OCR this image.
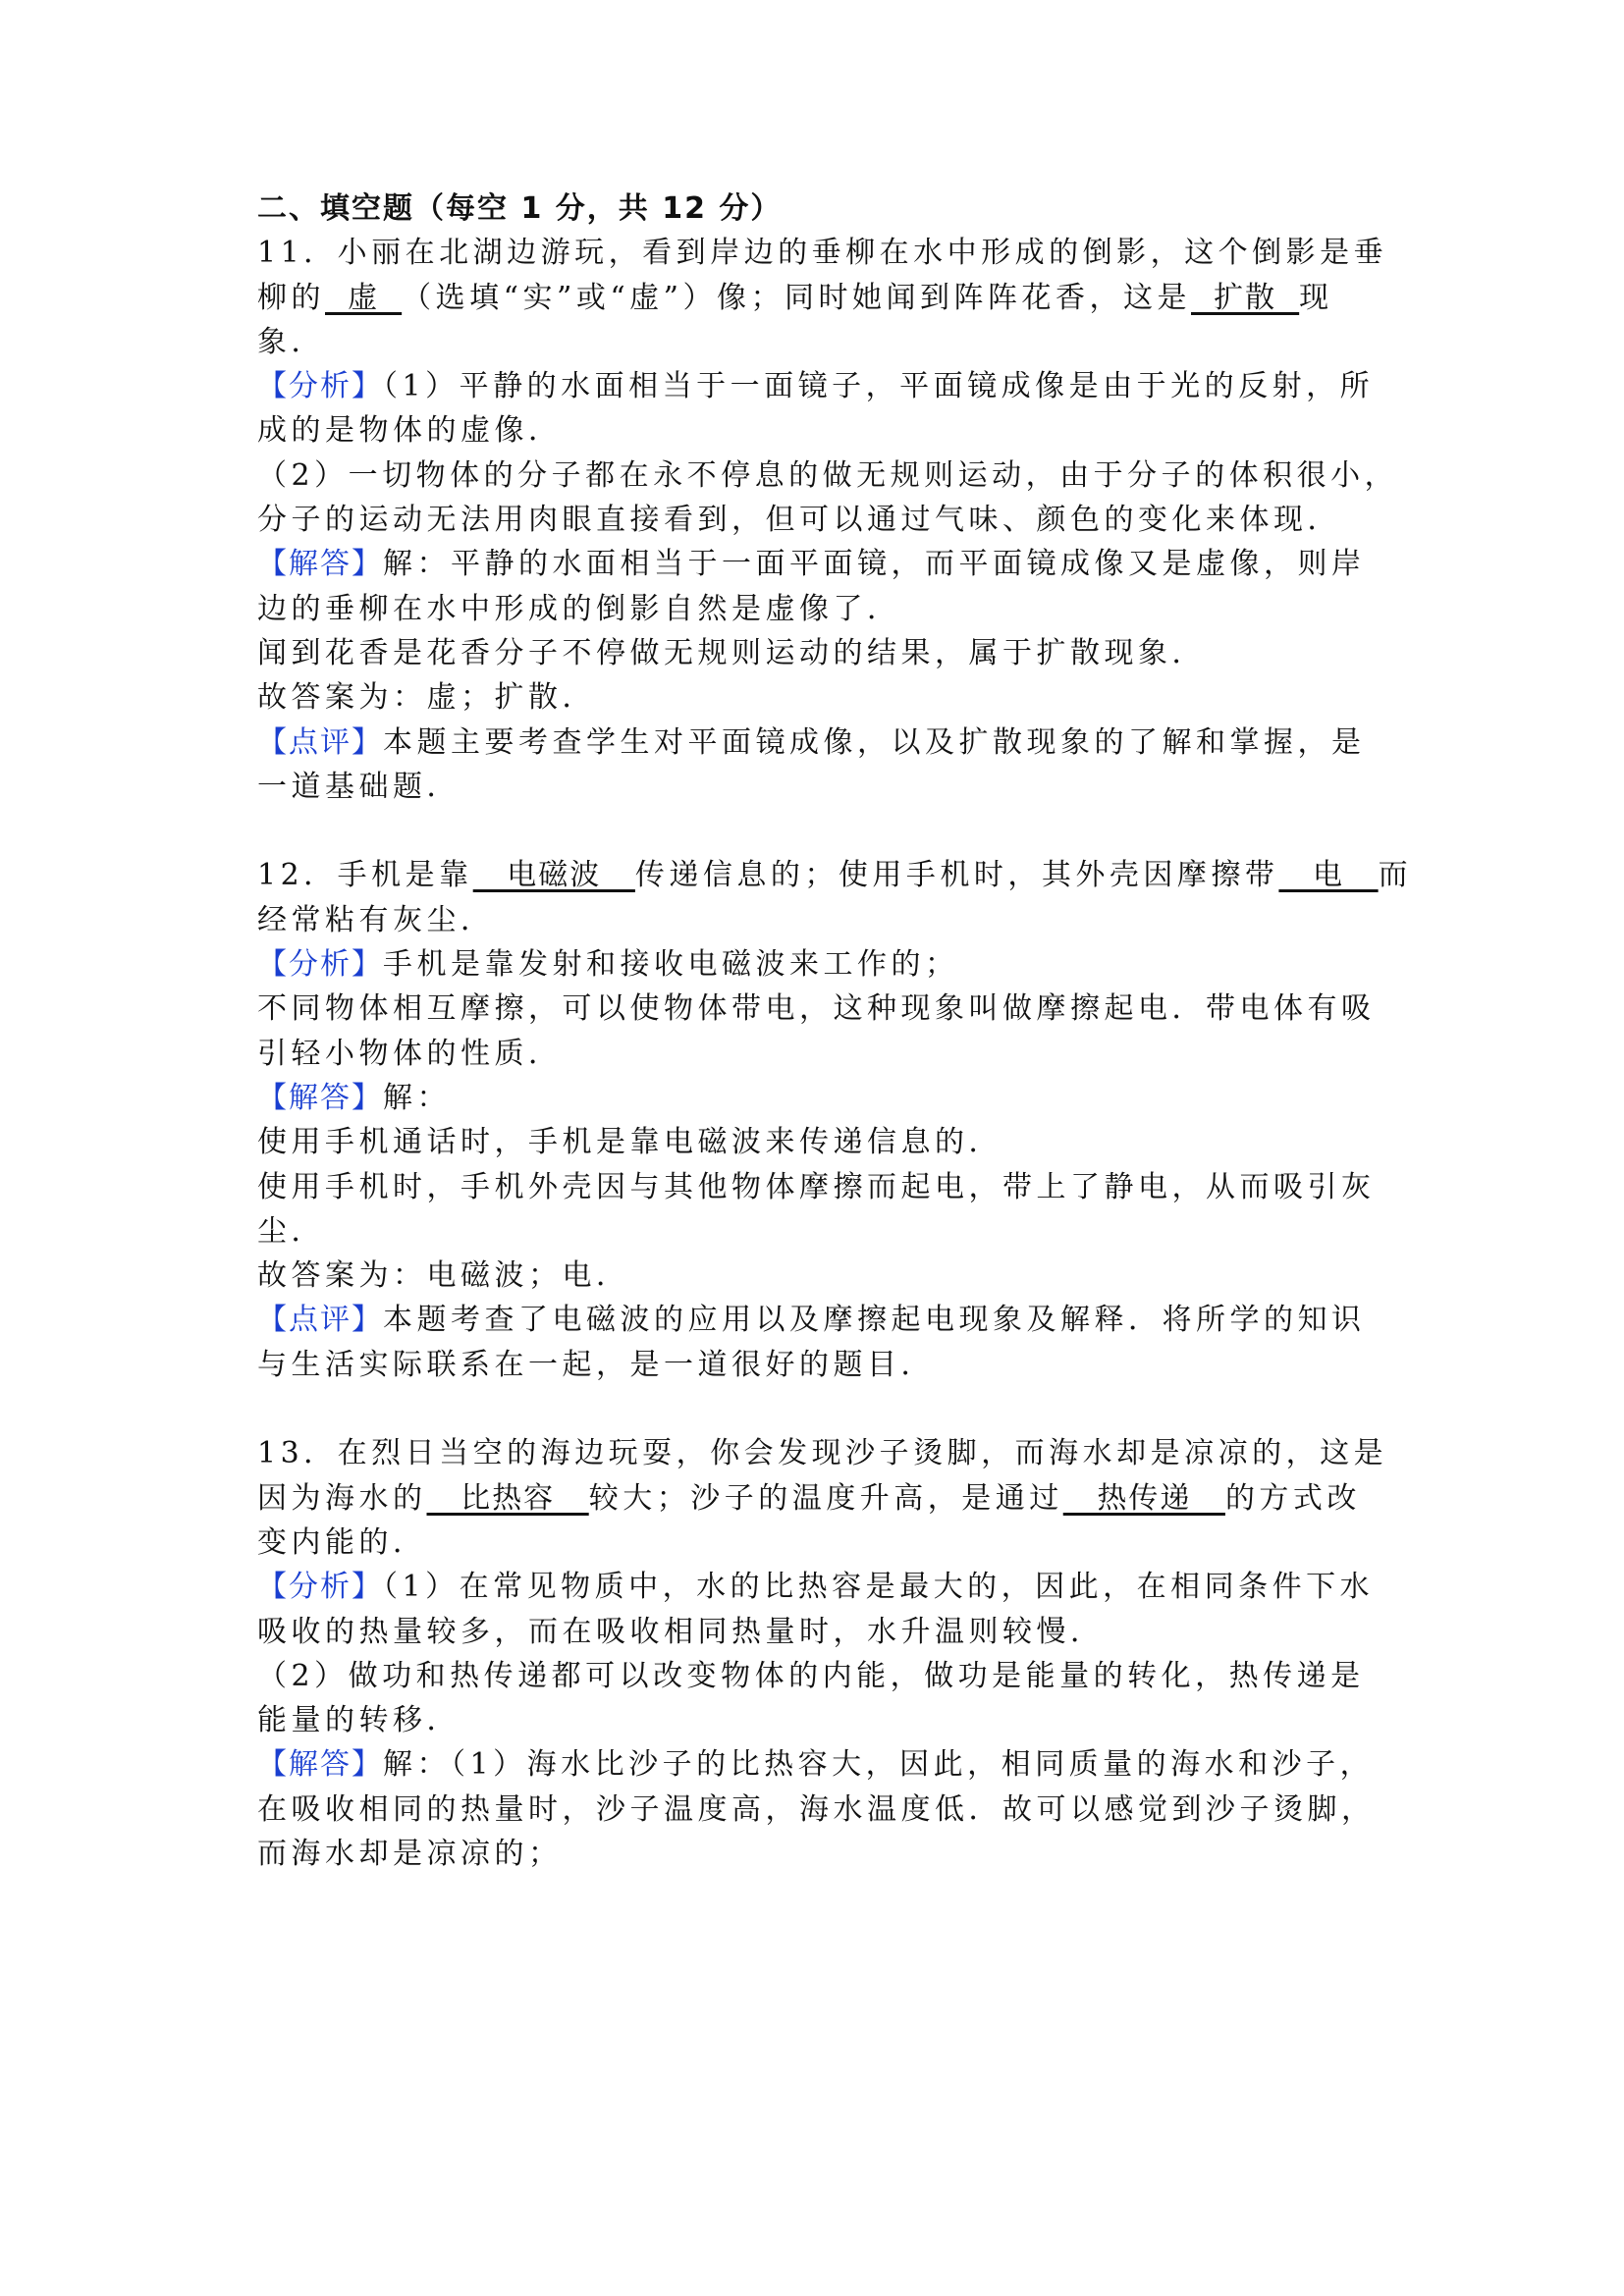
二、填空题（每空 1 分，共 12 分）
11．小丽在北湖边游玩，看到岸边的垂柳在水中形成的倒影，这个倒影是垂
柳的  虚  （选填“实”或“虚”）像；同时她闻到阵阵花香，这是  扩散  现
象．
【分析】（1）平静的水面相当于一面镜子，平面镜成像是由于光的反射，所
成的是物体的虚像．
（2）一切物体的分子都在永不停息的做无规则运动，由于分子的体积很小，
分子的运动无法用肉眼直接看到，但可以通过气味、颜色的变化来体现．
【解答】解：平静的水面相当于一面平面镜，而平面镜成像又是虚像，则岸
边的垂柳在水中形成的倒影自然是虚像了．
闻到花香是花香分子不停做无规则运动的结果，属于扩散现象．
故答案为：虚；扩散．
【点评】本题主要考查学生对平面镜成像，以及扩散现象的了解和掌握，是
一道基础题．
12．手机是靠   电磁波   传递信息的；使用手机时，其外壳因摩擦带   电   而
经常粘有灰尘．
【分析】手机是靠发射和接收电磁波来工作的；
不同物体相互摩擦，可以使物体带电，这种现象叫做摩擦起电．带电体有吸
引轻小物体的性质．
【解答】解：
使用手机通话时，手机是靠电磁波来传递信息的．
使用手机时，手机外壳因与其他物体摩擦而起电，带上了静电，从而吸引灰
尘．
故答案为：电磁波；电．
【点评】本题考查了电磁波的应用以及摩擦起电现象及解释．将所学的知识
与生活实际联系在一起，是一道很好的题目．
13．在烈日当空的海边玩耍，你会发现沙子烫脚，而海水却是凉凉的，这是
因为海水的   比热容   较大；沙子的温度升高，是通过   热传递   的方式改
变内能的．
【分析】（1）在常见物质中，水的比热容是最大的，因此，在相同条件下水
吸收的热量较多，而在吸收相同热量时，水升温则较慢．
（2）做功和热传递都可以改变物体的内能，做功是能量的转化，热传递是
能量的转移．
【解答】解：（1）海水比沙子的比热容大，因此，相同质量的海水和沙子，
在吸收相同的热量时，沙子温度高，海水温度低．故可以感觉到沙子烫脚，
而海水却是凉凉的；
